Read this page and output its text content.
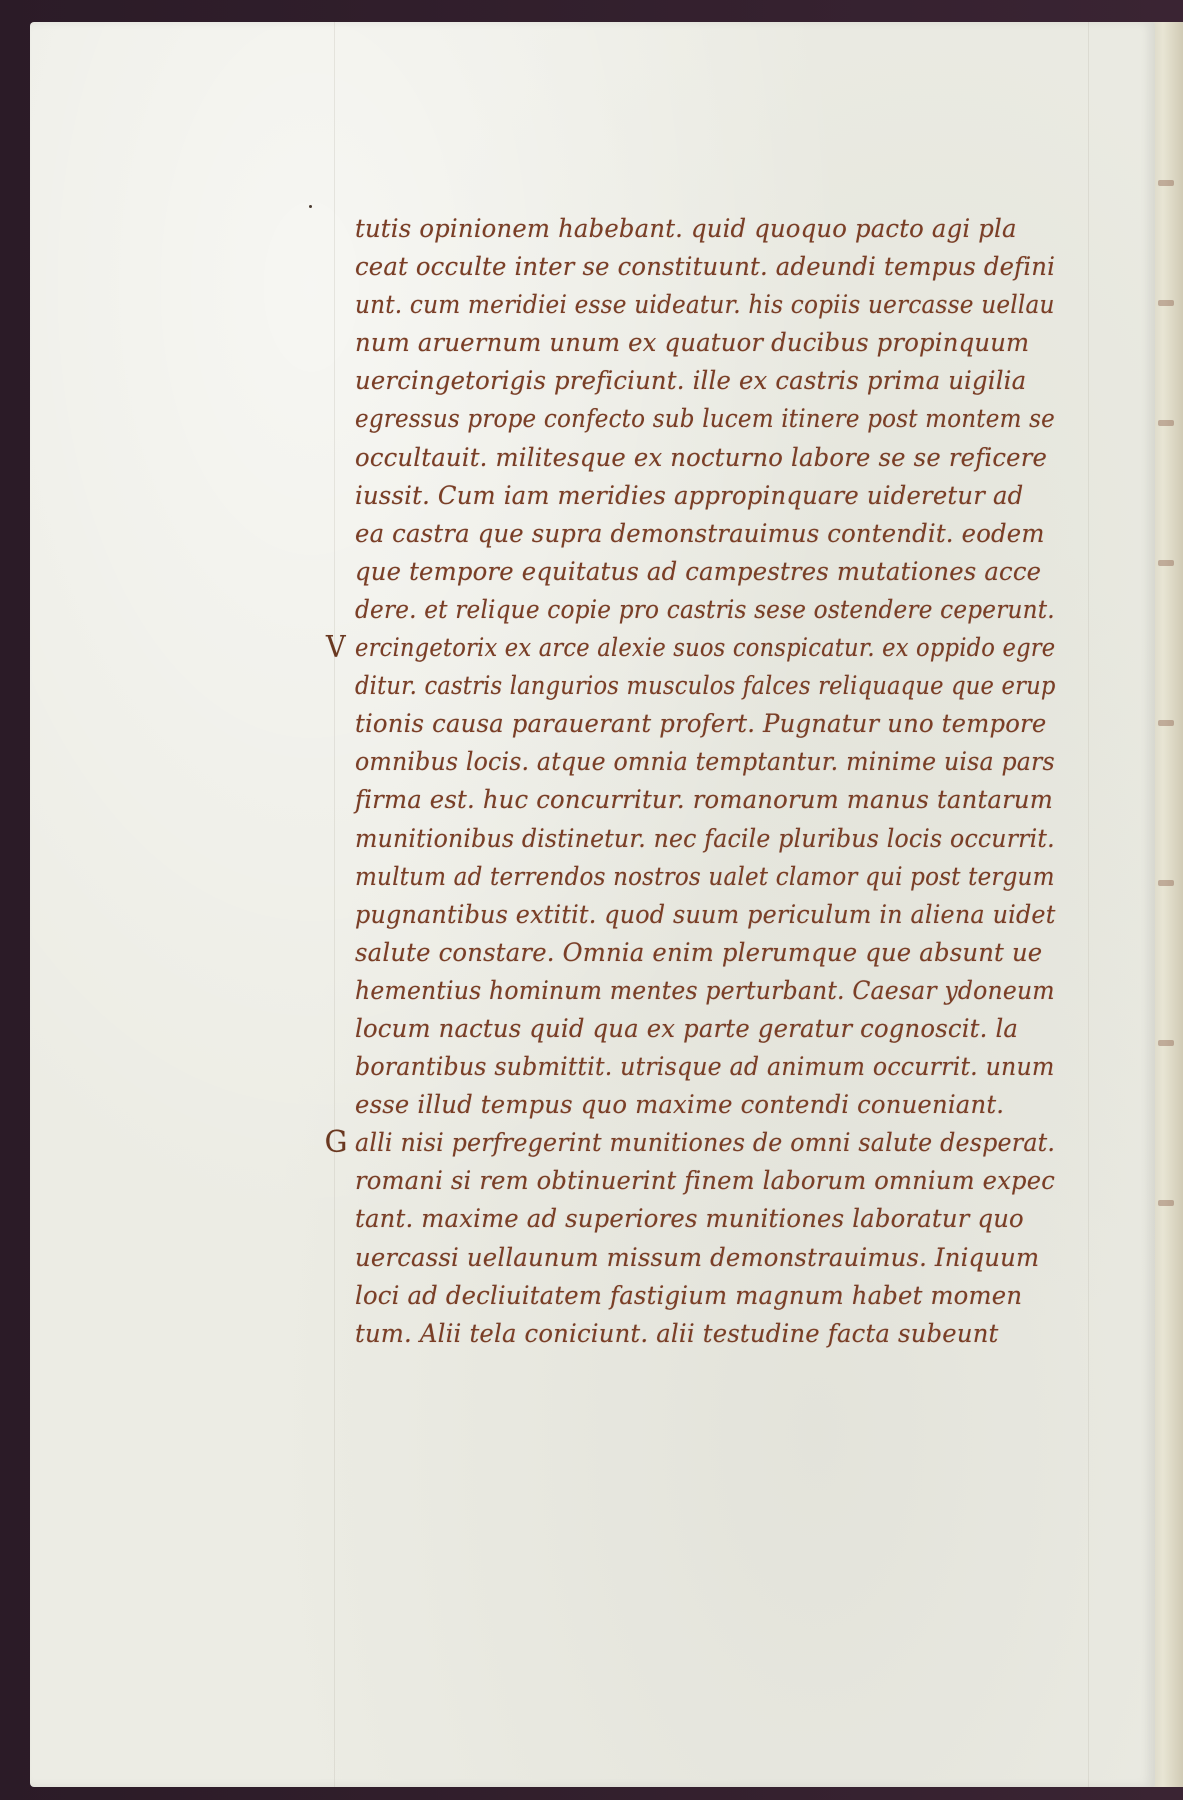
tutis opinionem habebant. quid quoquo pacto agi pla
ceat occulte inter se constituunt. adeundi tempus defini
unt. cum meridiei esse uideatur. his copiis uercasse uellau
num aruernum unum ex quatuor ducibus propinquum
uercingetorigis preficiunt. ille ex castris prima uigilia
egressus prope confecto sub lucem itinere post montem se
occultauit. militesque ex nocturno labore se se reficere
iussit. Cum iam meridies appropinquare uideretur ad
ea castra que supra demonstrauimus contendit. eodem
que tempore equitatus ad campestres mutationes acce
dere. et relique copie pro castris sese ostendere ceperunt.
V ercingetorix ex arce alexie suos conspicatur. ex oppido egre
ditur. castris langurios musculos falces reliquaque que erup
tionis causa parauerant profert. Pugnatur uno tempore
omnibus locis. atque omnia temptantur. minime uisa pars
firma est. huc concurritur. romanorum manus tantarum
munitionibus distinetur. nec facile pluribus locis occurrit.
multum ad terrendos nostros ualet clamor qui post tergum
pugnantibus extitit. quod suum periculum in aliena uidet
salute constare. Omnia enim plerumque que absunt ue
hementius hominum mentes perturbant. Caesar ydoneum
locum nactus quid qua ex parte geratur cognoscit. la
borantibus submittit. utrisque ad animum occurrit. unum
esse illud tempus quo maxime contendi conueniant.
G alli nisi perfregerint munitiones de omni salute desperat.
romani si rem obtinuerint finem laborum omnium expec
tant. maxime ad superiores munitiones laboratur quo
uercassi uellaunum missum demonstrauimus. Iniquum
loci ad decliuitatem fastigium magnum habet momen
tum. Alii tela coniciunt. alii testudine facta subeunt
